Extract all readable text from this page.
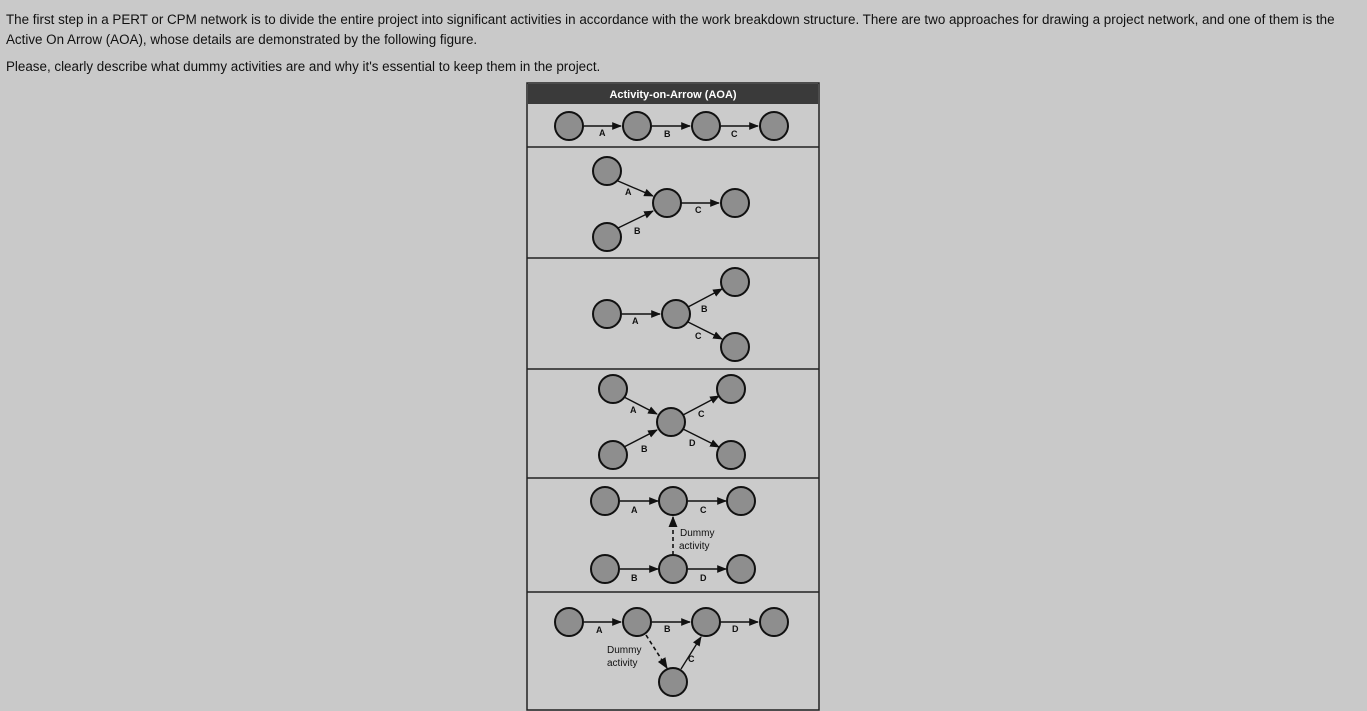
The first step in a PERT or CPM network is to divide the entire project into significant activities in accordance with the work breakdown structure. There are two approaches for drawing a project network, and one of them is the Active On Arrow (AOA), whose details are demonstrated by the following figure.

Please, clearly describe what dummy activities are and why it's essential to keep them in the project.

Activity-on-Arrow (AOA)
A	B	C
A
B
C
A
B
C
A
B
C
D
A	C
B	D
Dummy
activity
A	B	D
C
Dummy
activity
